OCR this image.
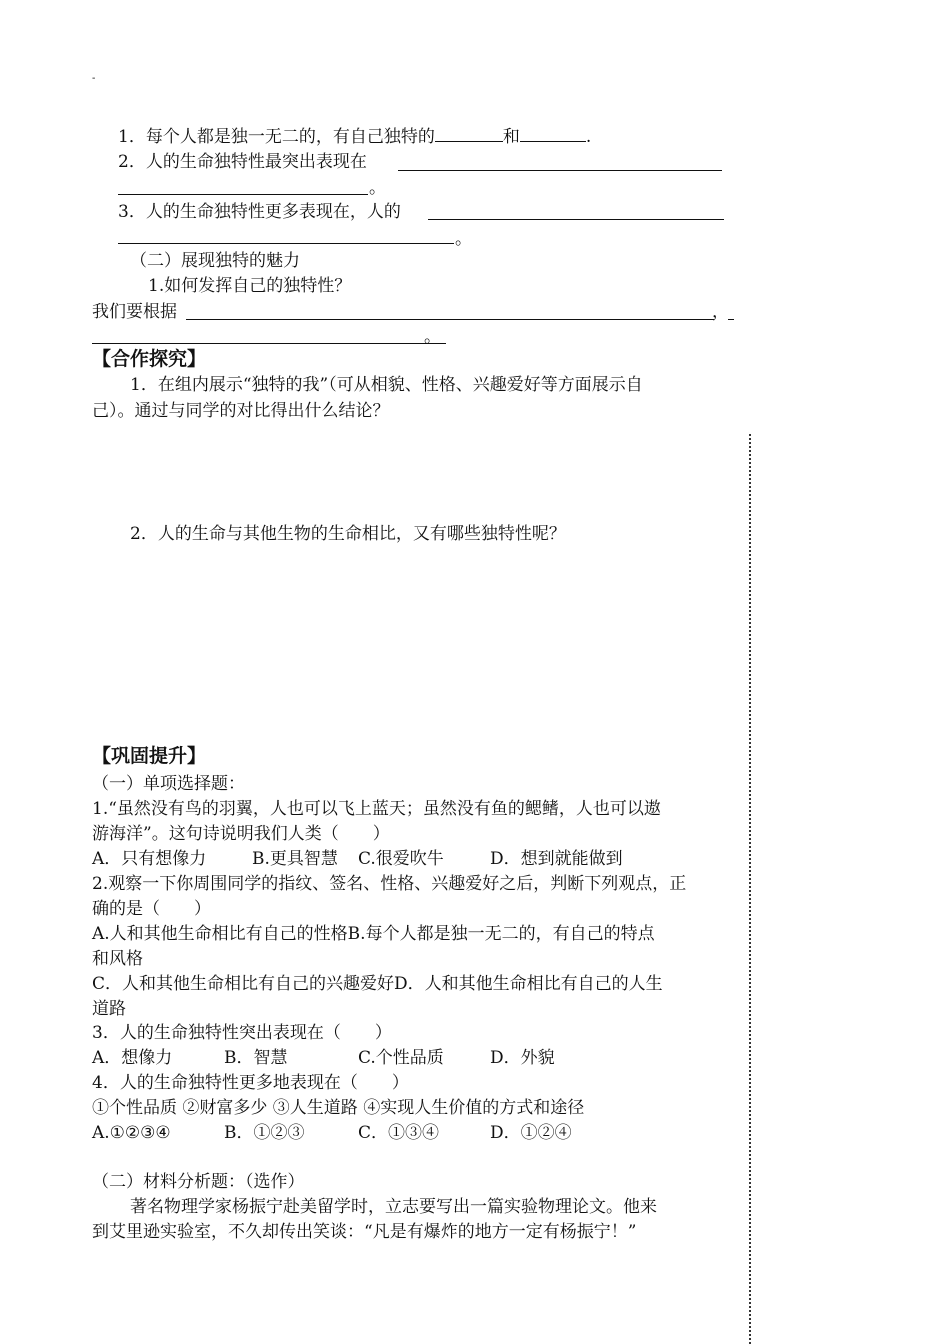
-
1．每个人都是独一无二的，有自己独特的	和	.
2．人的生命独特性最突出表现在
。
3．人的生命独特性更多表现在，人的
。
（二）展现独特的魅力
1.如何发挥自己的独特性？
我们要根据	，
。
【合作探究】
1．在组内展示“独特的我”（可从相貌、性格、兴趣爱好等方面展示自
己）。通过与同学的对比得出什么结论？
2．人的生命与其他生物的生命相比，又有哪些独特性呢？
【巩固提升】
（一）单项选择题：
1.“虽然没有鸟的羽翼，人也可以飞上蓝天；虽然没有鱼的鳃鳍，人也可以遨
游海洋”。这句诗说明我们人类（　　）
A．只有想像力	B.更具智慧 C.很爱吹牛	D．想到就能做到
2.观察一下你周围同学的指纹、签名、性格、兴趣爱好之后，判断下列观点，正
确的是（　　）
A.人和其他生命相比有自己的性格B.每个人都是独一无二的，有自己的特点
和风格
C．人和其他生命相比有自己的兴趣爱好D．人和其他生命相比有自己的人生
道路
3．人的生命独特性突出表现在（　　）
A．想像力	B．智慧	C.个性品质	D．外貌
4．人的生命独特性更多地表现在（　　）
①个性品质 ②财富多少 ③人生道路 ④实现人生价值的方式和途径
A.①②③④	B．①②③	C．①③④	D．①②④
（二）材料分析题：（选作）
著名物理学家杨振宁赴美留学时，立志要写出一篇实验物理论文。他来
到艾里逊实验室，不久却传出笑谈：“凡是有爆炸的地方一定有杨振宁！”
